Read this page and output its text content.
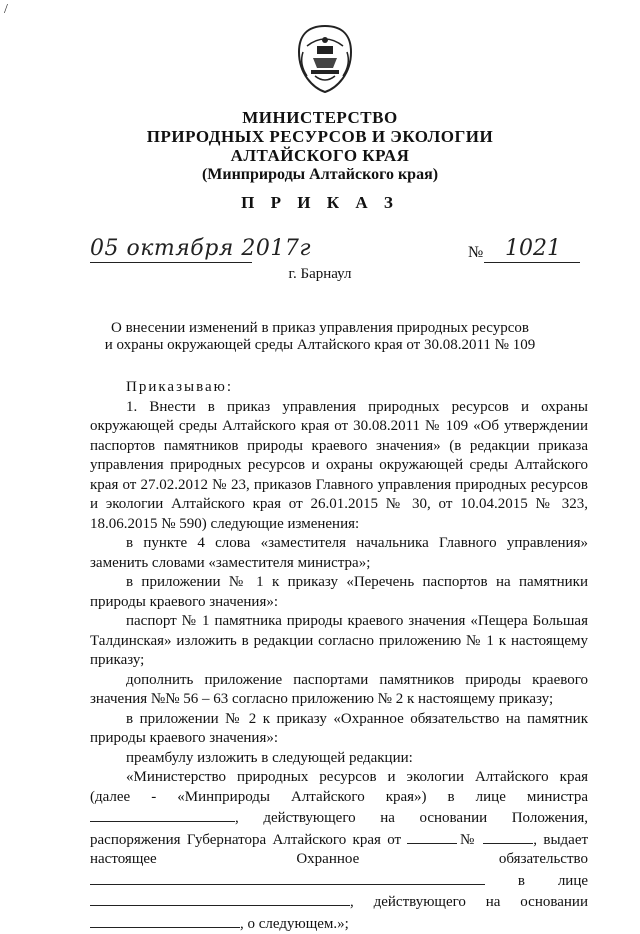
/
МИНИСТЕРСТВО
ПРИРОДНЫХ РЕСУРСОВ И ЭКОЛОГИИ
АЛТАЙСКОГО КРАЯ
(Минприроды Алтайского края)
П Р И К А З
05 октября 2017г	№ 1021
г. Барнаул
О внесении изменений в приказ управления природных ресурсов
и охраны окружающей среды Алтайского края от 30.08.2011 № 109
Приказываю:

1. Внести в приказ управления природных ресурсов и охраны окружающей среды Алтайского края от 30.08.2011 № 109 «Об утверждении паспортов памятников природы краевого значения» (в редакции приказа управления природных ресурсов и охраны окружающей среды Алтайского края от 27.02.2012 № 23, приказов Главного управления природных ресурсов и экологии Алтайского края от 26.01.2015 № 30, от 10.04.2015 № 323, 18.06.2015 № 590) следующие изменения:

в пункте 4 слова «заместителя начальника Главного управления» заменить словами «заместителя министра»;

в приложении № 1 к приказу «Перечень паспортов на памятники природы краевого значения»:

паспорт № 1 памятника природы краевого значения «Пещера Большая Талдинская» изложить в редакции согласно приложению № 1 к настоящему приказу;

дополнить приложение паспортами памятников природы краевого значения №№ 56 – 63 согласно приложению № 2 к настоящему приказу;

в приложении № 2 к приказу «Охранное обязательство на памятник природы краевого значения»:

преамбулу изложить в следующей редакции:

«Министерство природных ресурсов и экологии Алтайского края (далее - «Минприроды Алтайского края») в лице министра , действующего на основании Положения, распоряжения Губернатора Алтайского края от	№	, выдает настоящее Охранное обязательство  в лице , действующего на основании , о следующем.»;
